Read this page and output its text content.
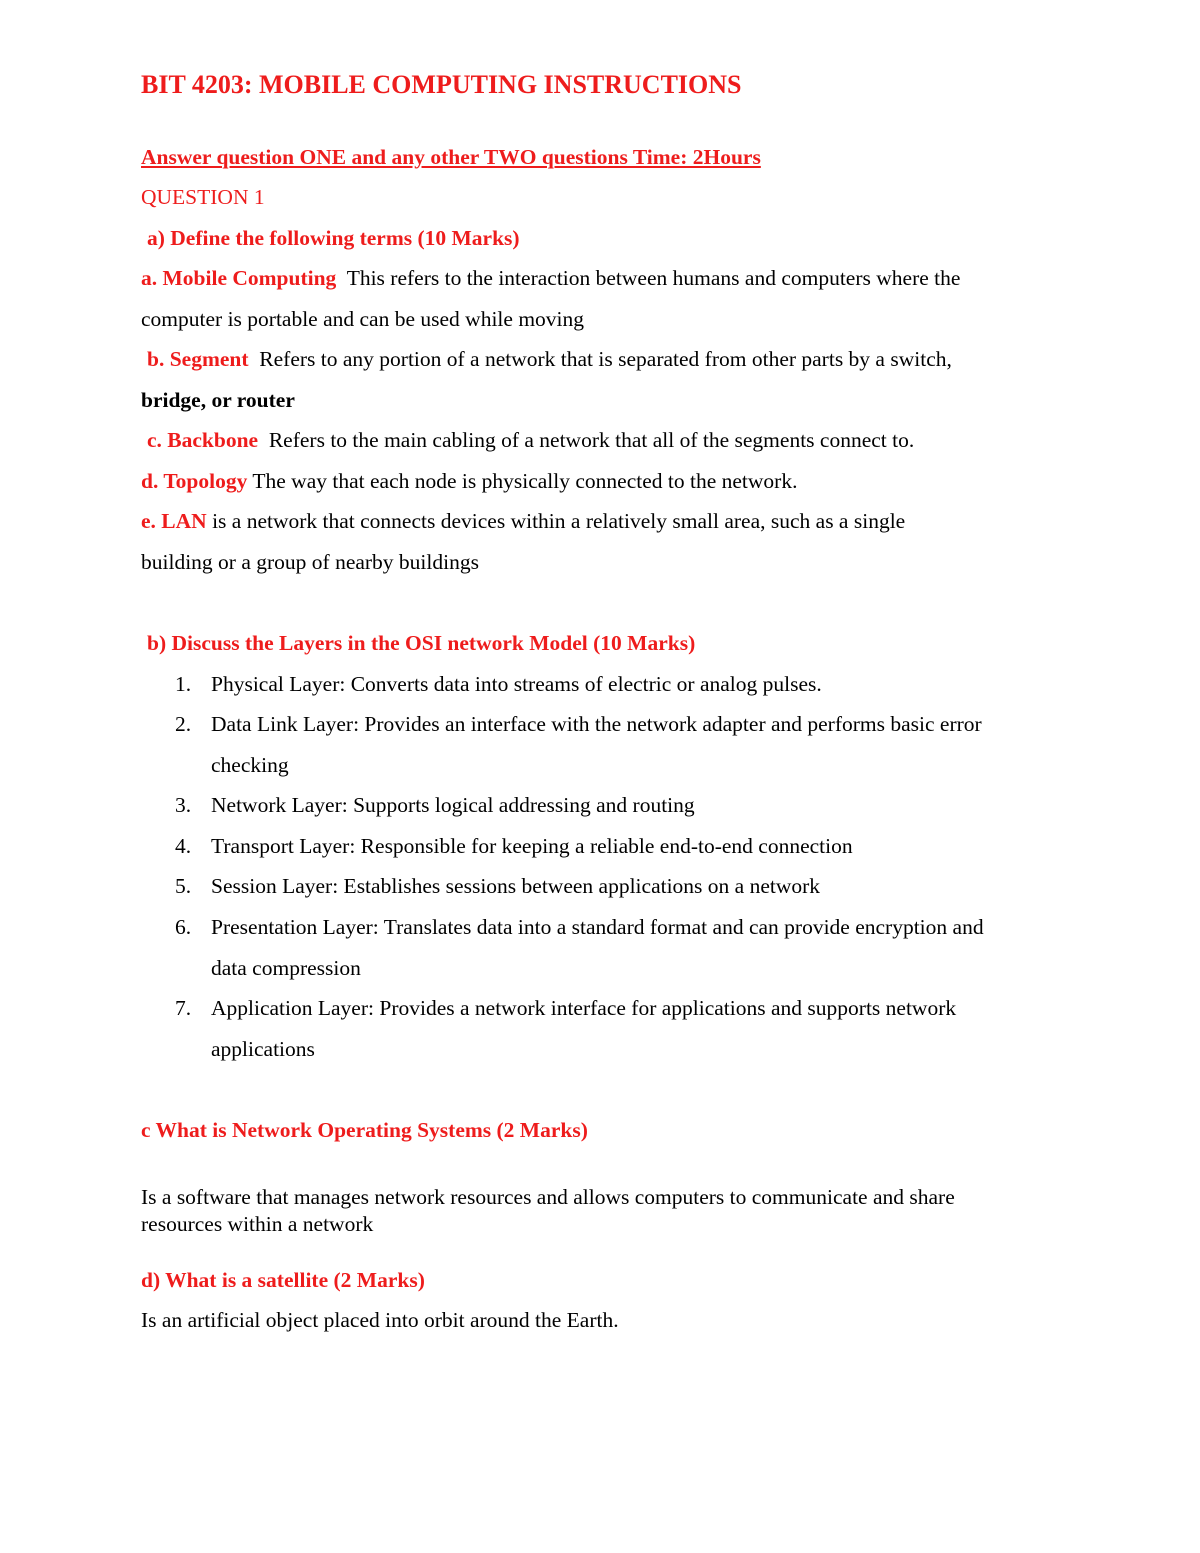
BIT 4203: MOBILE COMPUTING INSTRUCTIONS
Answer question ONE and any other TWO questions Time: 2Hours
QUESTION 1
a) Define the following terms (10 Marks)
a. Mobile Computing This refers to the interaction between humans and computers where the
computer is portable and can be used while moving
b. Segment Refers to any portion of a network that is separated from other parts by a switch,
bridge, or router
c. Backbone Refers to the main cabling of a network that all of the segments connect to.
d. Topology The way that each node is physically connected to the network.
e. LAN is a network that connects devices within a relatively small area, such as a single
building or a group of nearby buildings
b) Discuss the Layers in the OSI network Model (10 Marks)
1. Physical Layer: Converts data into streams of electric or analog pulses.
2. Data Link Layer: Provides an interface with the network adapter and performs basic error
checking
3. Network Layer: Supports logical addressing and routing
4. Transport Layer: Responsible for keeping a reliable end-to-end connection
5. Session Layer: Establishes sessions between applications on a network
6. Presentation Layer: Translates data into a standard format and can provide encryption and
data compression
7. Application Layer: Provides a network interface for applications and supports network
applications
c What is Network Operating Systems (2 Marks)
Is a software that manages network resources and allows computers to communicate and share
resources within a network
d) What is a satellite (2 Marks)
Is an artificial object placed into orbit around the Earth.
